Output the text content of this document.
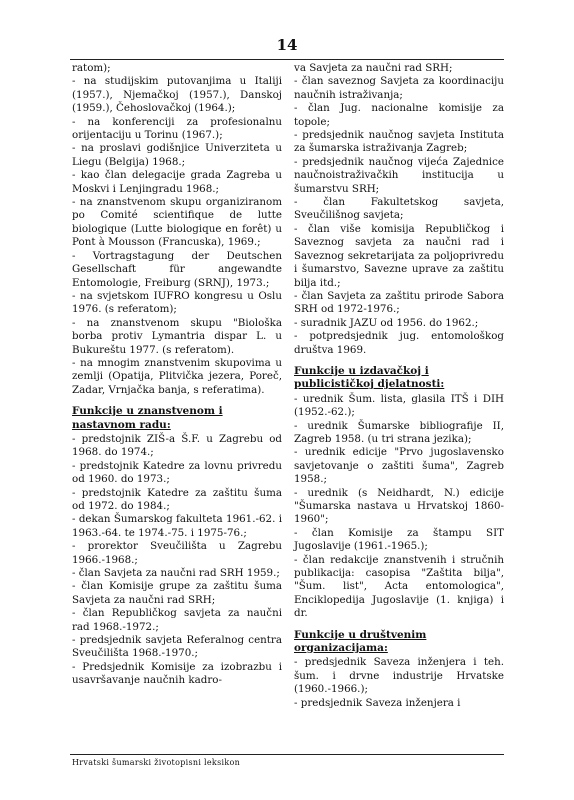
14

ratom);

- na studijskim putovanjima u Italiji (1957.), Njemačkoj (1957.), Danskoj (1959.), Čehoslovačkoj (1964.);

- na konferenciji za profesionalnu orijentaciju u Torinu (1967.);

- na proslavi godišnjice Univerziteta u Liegu (Belgija) 1968.;

- kao član delegacije grada Zagreba u Moskvi i Lenjingradu 1968.;

- na znanstvenom skupu organiziranom po Comité scientifique de lutte biologique (Lutte biologique en forêt) u Pont à Mousson (Francuska), 1969.;

- Vortragstagung der Deutschen Gesellschaft für angewandte Entomologie, Freiburg (SRNJ), 1973.;

- na svjetskom IUFRO kongresu u Oslu 1976. (s referatom);

- na znanstvenom skupu "Biološka borba protiv Lymantria dispar L. u Bukureštu 1977. (s referatom).

- na mnogim znanstvenim skupovima u zemlji (Opatija, Plitvička jezera, Poreč, Zadar, Vrnjačka banja, s referatima).

Funkcije u znanstvenom i nastavnom radu:

- predstojnik ZIŠ-a Š.F. u Zagrebu od 1968. do 1974.;

- predstojnik Katedre za lovnu privredu od 1960. do 1973.;

- predstojnik Katedre za zaštitu šuma od 1972. do 1984.;

- dekan Šumarskog fakulteta 1961.-62. i 1963.-64. te 1974.-75. i 1975-76.;

- prorektor Sveučilišta u Zagrebu 1966.-1968.;

- član Savjeta za naučni rad SRH 1959.;

- član Komisije grupe za zaštitu šuma Savjeta za naučni rad SRH;

- član Republičkog savjeta za naučni rad 1968.-1972.;

- predsjednik savjeta Referalnog centra Sveučilišta 1968.-1970.;

- Predsjednik Komisije za izobrazbu i usavršavanje naučnih kadro-

va Savjeta za naučni rad SRH;

- član saveznog Savjeta za koordinaciju naučnih istraživanja;

- član Jug. nacionalne komisije za topole;

- predsjednik naučnog savjeta Instituta za šumarska istraživanja Zagreb;

- predsjednik naučnog vijeća Zajednice naučnoistraživačkih institucija u šumarstvu SRH;

- član Fakultetskog savjeta, Sveučilišnog savjeta;

- član više komisija Republičkog i Saveznog savjeta za naučni rad i Saveznog sekretarijata za poljoprivredu i šumarstvo, Savezne uprave za zaštitu bilja itd.;

- član Savjeta za zaštitu prirode Sabora SRH od 1972-1976.;

- suradnik JAZU od 1956. do 1962.;

- potpredsjednik jug. entomološkog društva 1969.

Funkcije u izdavačkoj i publicističkoj djelatnosti:

- urednik Šum. lista, glasila ITŠ i DIH (1952.-62.);

- urednik Šumarske bibliografije II, Zagreb 1958. (u tri strana jezika);

- urednik edicije "Prvo jugoslavensko savjetovanje o zaštiti šuma", Zagreb 1958.;

- urednik (s Neidhardt, N.) edicije "Šumarska nastava u Hrvatskoj 1860-1960";

- član Komisije za štampu SIT Jugoslavije (1961.-1965.);

- član redakcije znanstvenih i stručnih publikacija: casopisa "Zaštita bilja", "Šum. list", Acta entomologica", Enciklopedija Jugoslavije (1. knjiga) i dr.

Funkcije u društvenim organizacijama:

- predsjednik Saveza inženjera i teh. šum. i drvne industrije Hrvatske (1960.-1966.);

- predsjednik Saveza inženjera i

Hrvatski šumarski životopisni leksikon
